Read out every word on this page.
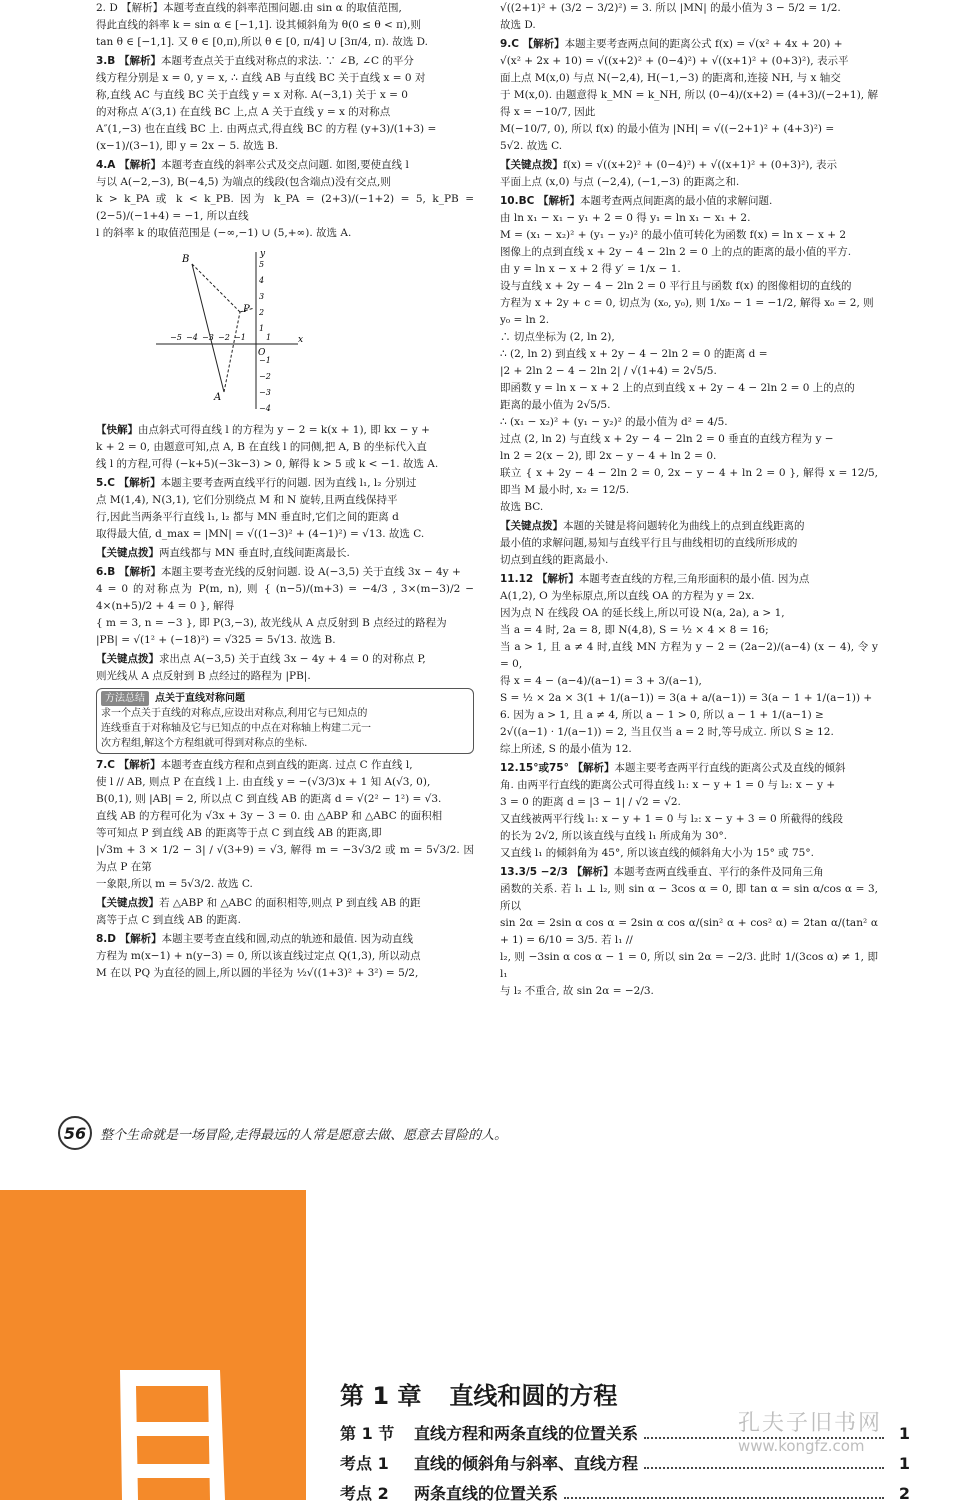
2. D 【解析】本题考查直线的斜率范围问题.由 sin α 的取值范围,
得此直线的斜率 k = sin α ∈ [−1,1]. 设其倾斜角为 θ(0 ≤ θ < π),则
tan θ ∈ [−1,1]. 又 θ ∈ [0,π),所以 θ ∈ [0, π/4] ∪ [3π/4, π). 故选 D.
3.B 【解析】本题考查点关于直线对称点的求法. ∵ ∠B, ∠C 的平分
线方程分别是 x = 0, y = x, ∴ 直线 AB 与直线 BC 关于直线 x = 0 对
称,直线 AC 与直线 BC 关于直线 y = x 对称. A(−3,1) 关于 x = 0
的对称点 A′(3,1) 在直线 BC 上,点 A 关于直线 y = x 的对称点
A″(1,−3) 也在直线 BC 上. 由两点式,得直线 BC 的方程 (y+3)/(1+3) =
(x−1)/(3−1), 即 y = 2x − 5. 故选 B.
4.A 【解析】本题考查直线的斜率公式及交点问题. 如图,要使直线 l
与以 A(−2,−3), B(−4,5) 为端点的线段(包含端点)没有交点,则
k > k_PA 或 k < k_PB. 因为 k_PA = (2+3)/(−1+2) = 5, k_PB = (2−5)/(−1+4) = −1, 所以直线
l 的斜率 k 的取值范围是 (−∞,−1) ∪ (5,+∞). 故选 A.
B
P
A
O
x
y
−5 −4 −3 −2 −1	1
5
4
3
2
1
−1
−2
−3
−4
【快解】由点斜式可得直线 l 的方程为 y − 2 = k(x + 1), 即 kx − y +
k + 2 = 0, 由题意可知,点 A, B 在直线 l 的同侧,把 A, B 的坐标代入直
线 l 的方程,可得 (−k+5)(−3k−3) > 0, 解得 k > 5 或 k < −1. 故选 A.
5.C 【解析】本题主要考查两直线平行的问题. 因为直线 l₁, l₂ 分别过
点 M(1,4), N(3,1), 它们分别绕点 M 和 N 旋转,且两直线保持平
行,因此当两条平行直线 l₁, l₂ 都与 MN 垂直时,它们之间的距离 d
取得最大值, d_max = |MN| = √((1−3)² + (4−1)²) = √13. 故选 C.
【关键点拨】两直线都与 MN 垂直时,直线间距离最长.
6.B 【解析】本题主要考查光线的反射问题. 设 A(−3,5) 关于直线 3x − 4y +
4 = 0 的对称点为 P(m, n), 则 { (n−5)/(m+3) = −4/3 , 3×(m−3)/2 − 4×(n+5)/2 + 4 = 0 }, 解得
{ m = 3, n = −3 }, 即 P(3,−3), 故光线从 A 点反射到 B 点经过的路程为
|PB| = √(1² + (−18)²) = √325 = 5√13. 故选 B.
【关键点拨】求出点 A(−3,5) 关于直线 3x − 4y + 4 = 0 的对称点 P,
则光线从 A 点反射到 B 点经过的路程为 |PB|.
方法总结	点关于直线对称问题
求一个点关于直线的对称点,应设出对称点,利用它与已知点的
连线垂直于对称轴及它与已知点的中点在对称轴上构建二元一
次方程组,解这个方程组就可得到对称点的坐标.
7.C 【解析】本题考查直线方程和点到直线的距离. 过点 C 作直线 l,
使 l // AB, 则点 P 在直线 l 上. 由直线 y = −(√3/3)x + 1 知 A(√3, 0),
B(0,1), 则 |AB| = 2, 所以点 C 到直线 AB 的距离 d = √(2² − 1²) = √3.
直线 AB 的方程可化为 √3x + 3y − 3 = 0. 由 △ABP 和 △ABC 的面积相
等可知点 P 到直线 AB 的距离等于点 C 到直线 AB 的距离,即
|√3m + 3 × 1/2 − 3| / √(3+9) = √3, 解得 m = −3√3/2 或 m = 5√3/2. 因为点 P 在第
一象限,所以 m = 5√3/2. 故选 C.
【关键点拨】若 △ABP 和 △ABC 的面积相等,则点 P 到直线 AB 的距
离等于点 C 到直线 AB 的距离.
8.D 【解析】本题主要考查直线和圆,动点的轨迹和最值. 因为动直线
方程为 m(x−1) + n(y−3) = 0, 所以该直线过定点 Q(1,3), 所以动点
M 在以 PQ 为直径的圆上,所以圆的半径为 ½√((1+3)² + 3²) = 5/2,
√((2+1)² + (3/2 − 3/2)²) = 3. 所以 |MN| 的最小值为 3 − 5/2 = 1/2.
故选 D.
9.C 【解析】本题主要考查两点间的距离公式 f(x) = √(x² + 4x + 20) +
√(x² + 2x + 10) = √((x+2)² + (0−4)²) + √((x+1)² + (0+3)²), 表示平
面上点 M(x,0) 与点 N(−2,4), H(−1,−3) 的距离和,连接 NH, 与 x 轴交
于 M(x,0). 由题意得 k_MN = k_NH, 所以 (0−4)/(x+2) = (4+3)/(−2+1), 解得 x = −10/7, 因此
M(−10/7, 0), 所以 f(x) 的最小值为 |NH| = √((−2+1)² + (4+3)²) =
5√2. 故选 C.
【关键点拨】f(x) = √((x+2)² + (0−4)²) + √((x+1)² + (0+3)²), 表示
平面上点 (x,0) 与点 (−2,4), (−1,−3) 的距离之和.
10.BC 【解析】本题考查两点间距离的最小值的求解问题.
由 ln x₁ − x₁ − y₁ + 2 = 0 得 y₁ = ln x₁ − x₁ + 2.
M = (x₁ − x₂)² + (y₁ − y₂)² 的最小值可转化为函数 f(x) = ln x − x + 2
图像上的点到直线 x + 2y − 4 − 2ln 2 = 0 上的点的距离的最小值的平方.
由 y = ln x − x + 2 得 y′ = 1/x − 1.
设与直线 x + 2y − 4 − 2ln 2 = 0 平行且与函数 f(x) 的图像相切的直线的
方程为 x + 2y + c = 0, 切点为 (x₀, y₀), 则 1/x₀ − 1 = −1/2, 解得 x₀ = 2, 则
y₀ = ln 2.
∴ 切点坐标为 (2, ln 2),
∴ (2, ln 2) 到直线 x + 2y − 4 − 2ln 2 = 0 的距离 d =
|2 + 2ln 2 − 4 − 2ln 2| / √(1+4) = 2√5/5.
即函数 y = ln x − x + 2 上的点到直线 x + 2y − 4 − 2ln 2 = 0 上的点的
距离的最小值为 2√5/5.
∴ (x₁ − x₂)² + (y₁ − y₂)² 的最小值为 d² = 4/5.
过点 (2, ln 2) 与直线 x + 2y − 4 − 2ln 2 = 0 垂直的直线方程为 y −
ln 2 = 2(x − 2), 即 2x − y − 4 + ln 2 = 0.
联立 { x + 2y − 4 − 2ln 2 = 0, 2x − y − 4 + ln 2 = 0 }, 解得 x = 12/5, 即当 M 最小时, x₂ = 12/5.
故选 BC.
【关键点拨】本题的关键是将问题转化为曲线上的点到直线距离的
最小值的求解问题,易知与直线平行且与曲线相切的直线所形成的
切点到直线的距离最小.
11.12 【解析】本题考查直线的方程,三角形面积的最小值. 因为点
A(1,2), O 为坐标原点,所以直线 OA 的方程为 y = 2x.
因为点 N 在线段 OA 的延长线上,所以可设 N(a, 2a), a > 1,
当 a = 4 时, 2a = 8, 即 N(4,8), S = ½ × 4 × 8 = 16;
当 a > 1, 且 a ≠ 4 时,直线 MN 方程为 y − 2 = (2a−2)/(a−4) (x − 4), 令 y = 0,
得 x = 4 − (a−4)/(a−1) = 3 + 3/(a−1),
S = ½ × 2a × 3(1 + 1/(a−1)) = 3(a + a/(a−1)) = 3(a − 1 + 1/(a−1)) +
6. 因为 a > 1, 且 a ≠ 4, 所以 a − 1 > 0, 所以 a − 1 + 1/(a−1) ≥
2√((a−1) · 1/(a−1)) = 2, 当且仅当 a = 2 时,等号成立. 所以 S ≥ 12.
综上所述, S 的最小值为 12.
12.15°或75° 【解析】本题主要考查两平行直线的距离公式及直线的倾斜
角. 由两平行直线的距离公式可得直线 l₁: x − y + 1 = 0 与 l₂: x − y +
3 = 0 的距离 d = |3 − 1| / √2 = √2.
又直线被两平行线 l₁: x − y + 1 = 0 与 l₂: x − y + 3 = 0 所截得的线段
的长为 2√2, 所以该直线与直线 l₁ 所成角为 30°.
又直线 l₁ 的倾斜角为 45°, 所以该直线的倾斜角大小为 15° 或 75°.
13.3/5 −2/3 【解析】本题考查两直线垂直、平行的条件及同角三角
函数的关系. 若 l₁ ⊥ l₂, 则 sin α − 3cos α = 0, 即 tan α = sin α/cos α = 3, 所以
sin 2α = 2sin α cos α = 2sin α cos α/(sin² α + cos² α) = 2tan α/(tan² α + 1) = 6/10 = 3/5. 若 l₁ //
l₂, 则 −3sin α cos α − 1 = 0, 所以 sin 2α = −2/3. 此时 1/(3cos α) ≠ 1, 即 l₁
与 l₂ 不重合, 故 sin 2α = −2/3.
56	整个生命就是一场冒险,走得最远的人常是愿意去做、愿意去冒险的人。
第 1 章 直线和圆的方程
第 1 节	直线方程和两条直线的位置关系	1
考点 1	直线的倾斜角与斜率、直线方程	1
考点 2	两条直线的位置关系	2
孔夫子旧书网
www.kongfz.com
